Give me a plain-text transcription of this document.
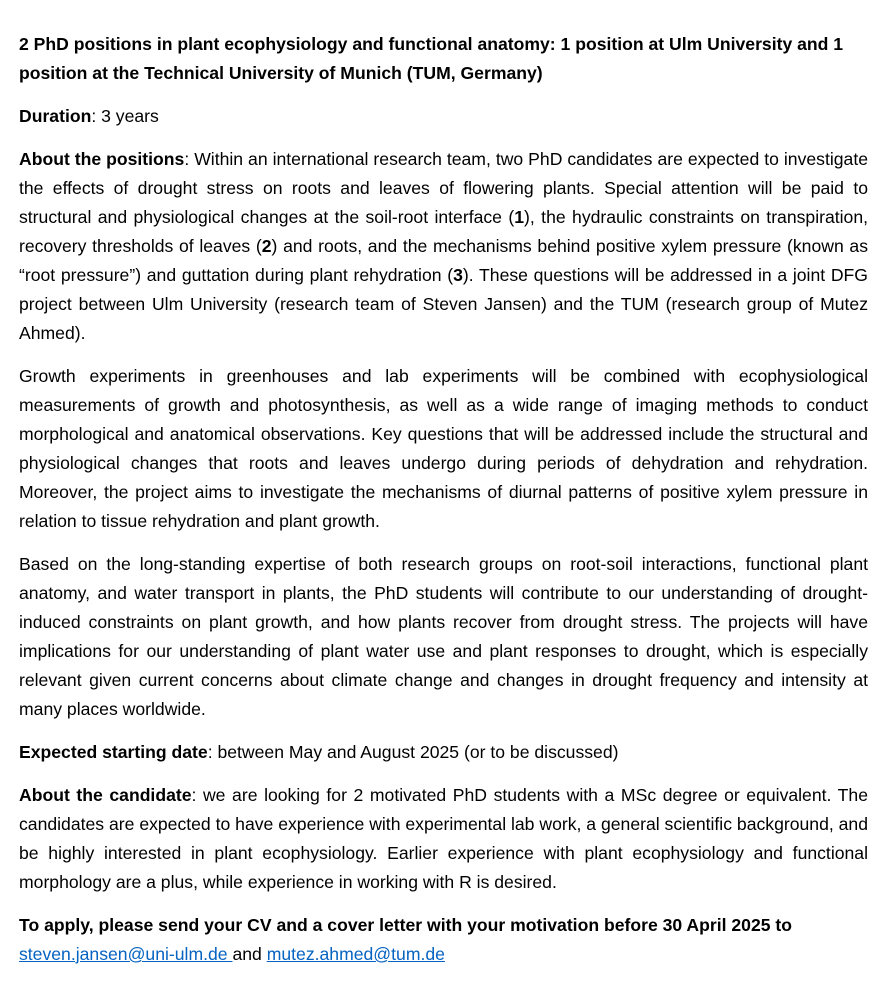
2 PhD positions in plant ecophysiology and functional anatomy: 1 position at Ulm University and 1 position at the Technical University of Munich (TUM, Germany)

Duration: 3 years

About the positions: Within an international research team, two PhD candidates are expected to investigate the effects of drought stress on roots and leaves of flowering plants. Special attention will be paid to structural and physiological changes at the soil-root interface (1), the hydraulic constraints on transpiration, recovery thresholds of leaves (2) and roots, and the mechanisms behind positive xylem pressure (known as “root pressure”) and guttation during plant rehydration (3). These questions will be addressed in a joint DFG project between Ulm University (research team of Steven Jansen) and the TUM (research group of Mutez Ahmed).

Growth experiments in greenhouses and lab experiments will be combined with ecophysiological measurements of growth and photosynthesis, as well as a wide range of imaging methods to conduct morphological and anatomical observations. Key questions that will be addressed include the structural and physiological changes that roots and leaves undergo during periods of dehydration and rehydration. Moreover, the project aims to investigate the mechanisms of diurnal patterns of positive xylem pressure in relation to tissue rehydration and plant growth.

Based on the long-standing expertise of both research groups on root-soil interactions, functional plant anatomy, and water transport in plants, the PhD students will contribute to our understanding of drought-induced constraints on plant growth, and how plants recover from drought stress. The projects will have implications for our understanding of plant water use and plant responses to drought, which is especially relevant given current concerns about climate change and changes in drought frequency and intensity at many places worldwide.

Expected starting date: between May and August 2025 (or to be discussed)

About the candidate: we are looking for 2 motivated PhD students with a MSc degree or equivalent. The candidates are expected to have experience with experimental lab work, a general scientific background, and be highly interested in plant ecophysiology. Earlier experience with plant ecophysiology and functional morphology are a plus, while experience in working with R is desired.

To apply, please send your CV and a cover letter with your motivation before 30 April 2025 to
steven.jansen@uni-ulm.de and mutez.ahmed@tum.de
